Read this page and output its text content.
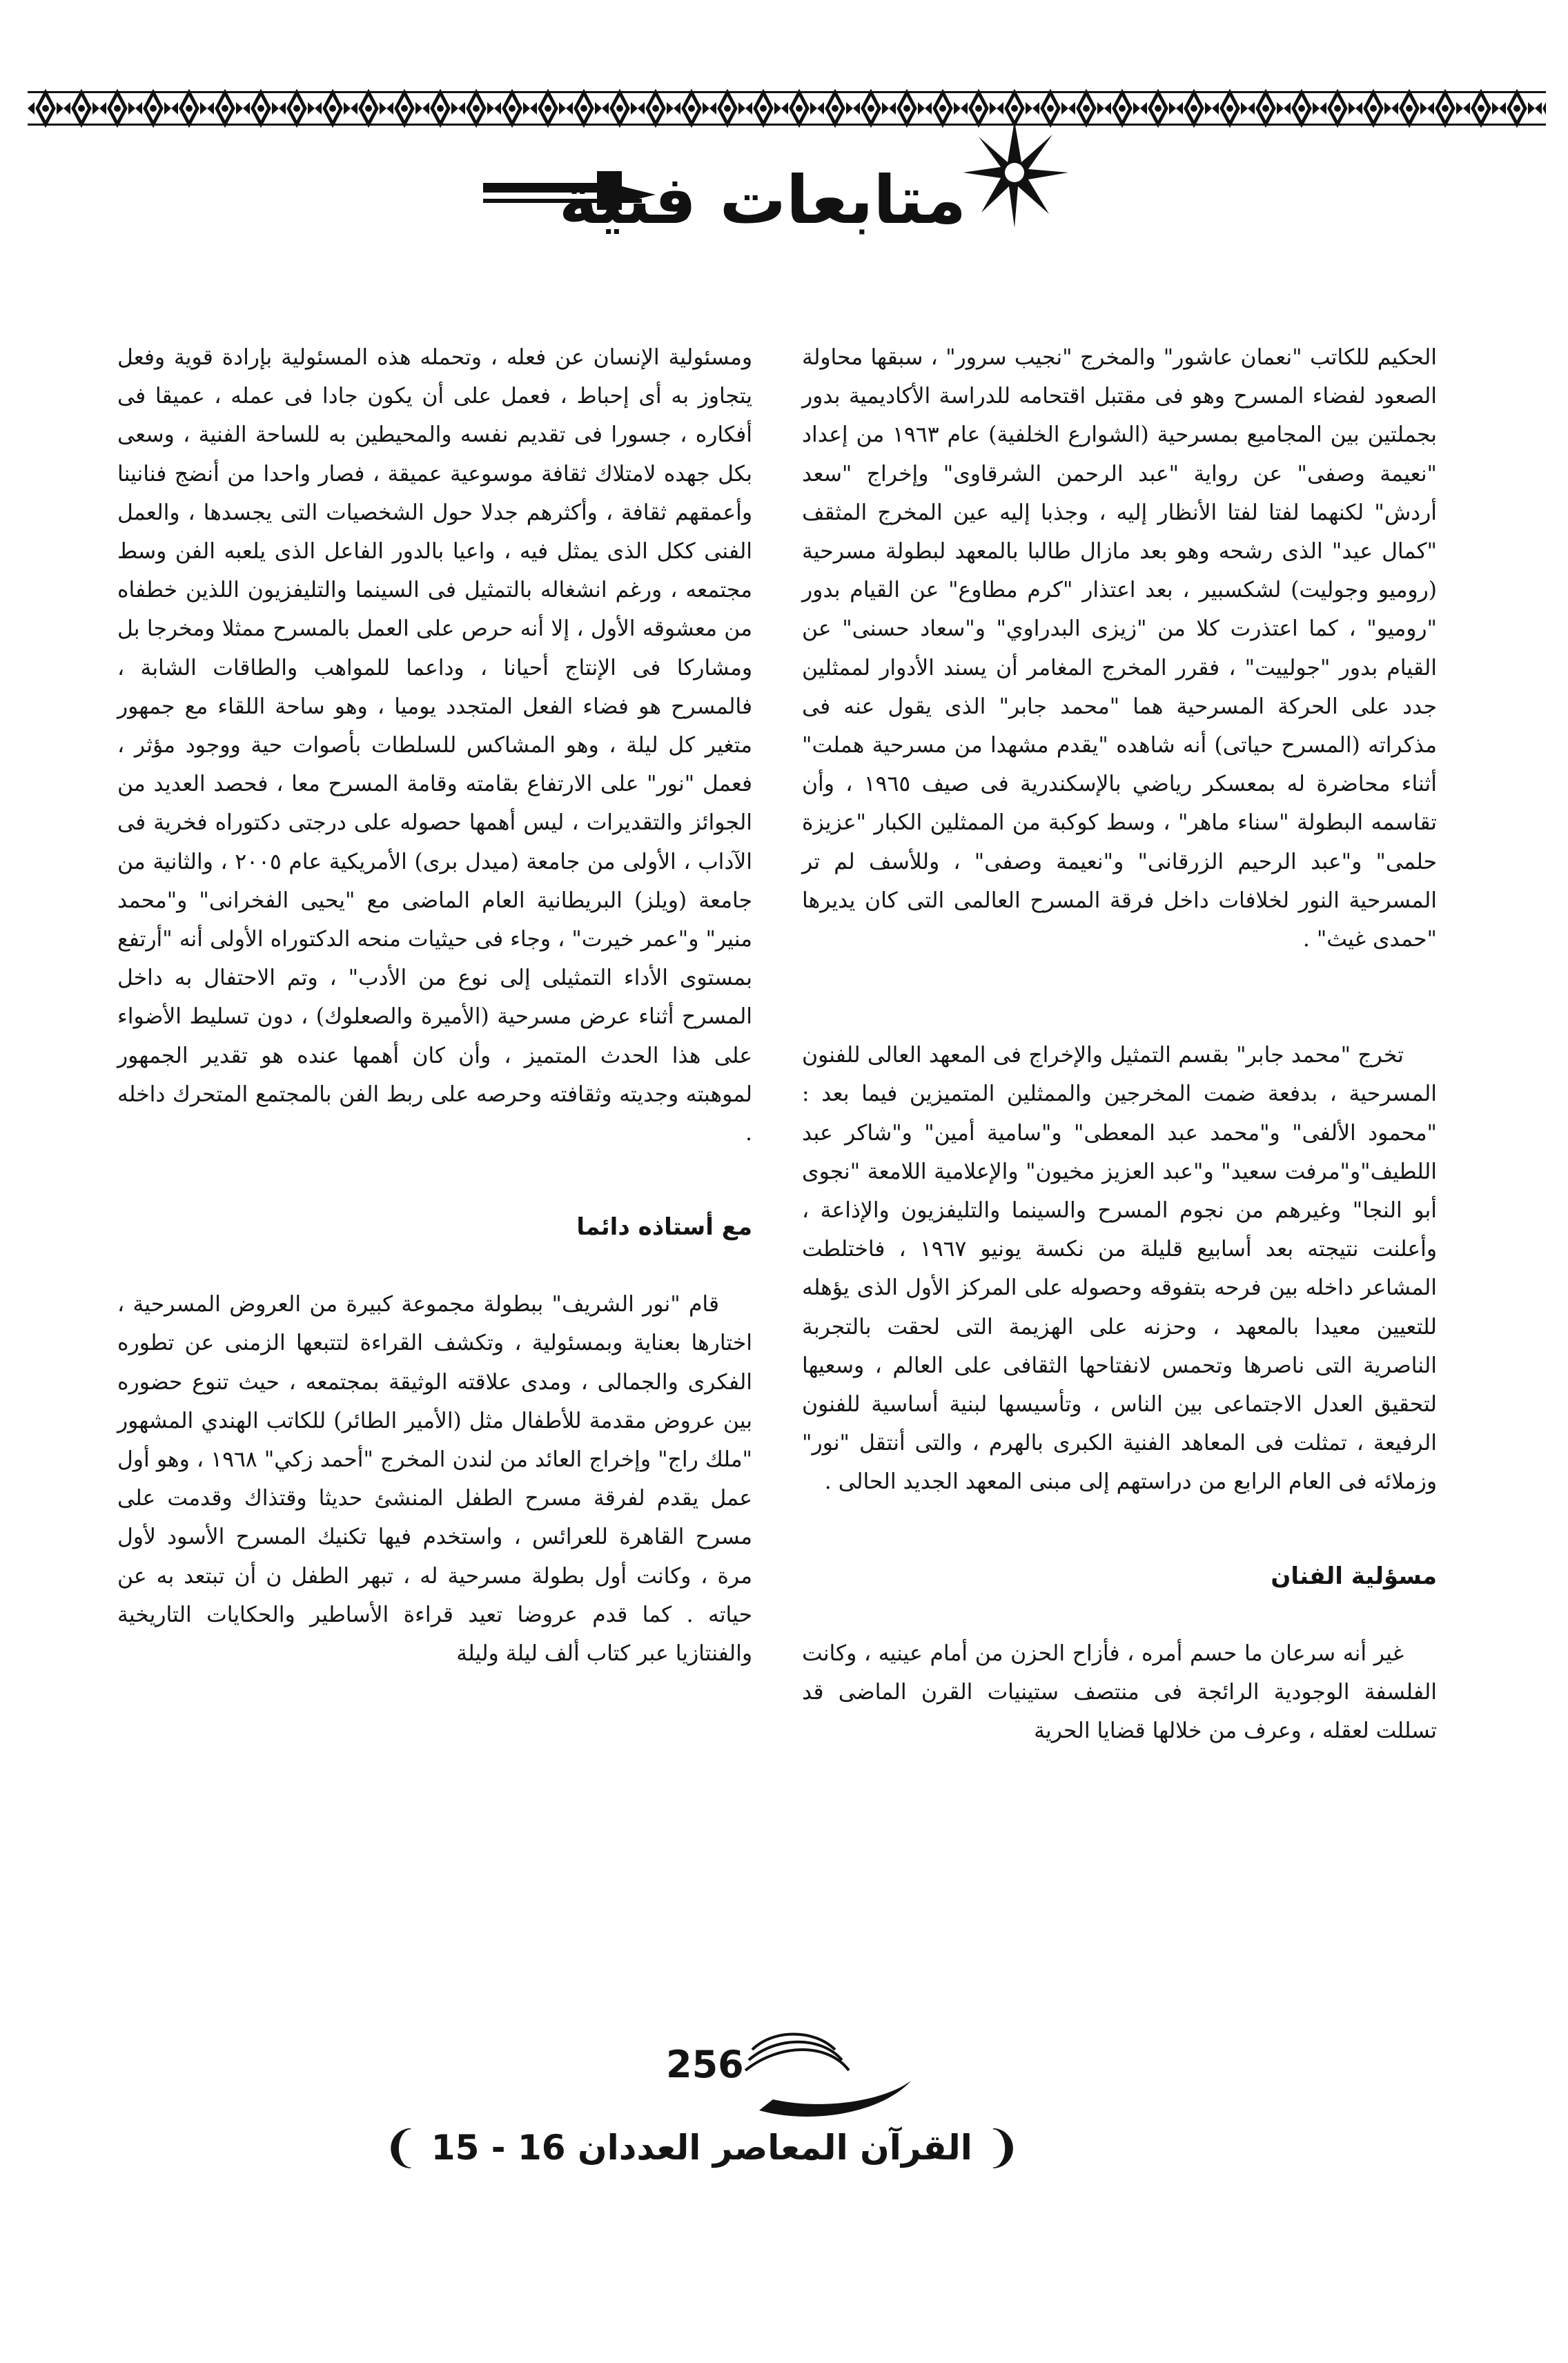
متابعات فنية

الحكيم للكاتب "نعمان عاشور" والمخرج "نجيب سرور" ، سبقها محاولة الصعود لفضاء المسرح وهو فى مقتبل اقتحامه للدراسة الأكاديمية بدور بجملتين بين المجاميع بمسرحية (الشوارع الخلفية) عام ١٩٦٣ من إعداد "نعيمة وصفى" عن رواية "عبد الرحمن الشرقاوى" وإخراج "سعد أردش" لكنهما لفتا لفتا الأنظار إليه ، وجذبا إليه عين المخرج المثقف "كمال عيد" الذى رشحه وهو بعد مازال طالبا بالمعهد لبطولة مسرحية (روميو وجوليت) لشكسبير ، بعد اعتذار "كرم مطاوع" عن القيام بدور "روميو" ، كما اعتذرت كلا من "زيزى البدراوي" و"سعاد حسنى" عن القيام بدور "جولييت" ، فقرر المخرج المغامر أن يسند الأدوار لممثلين جدد على الحركة المسرحية هما "محمد جابر" الذى يقول عنه فى مذكراته (المسرح حياتى) أنه شاهده "يقدم مشهدا من مسرحية هملت" أثناء محاضرة له بمعسكر رياضي بالإسكندرية فى صيف ١٩٦٥ ، وأن تقاسمه البطولة "سناء ماهر" ، وسط كوكبة من الممثلين الكبار "عزيزة حلمى" و"عبد الرحيم الزرقانى" و"نعيمة وصفى" ، وللأسف لم تر المسرحية النور لخلافات داخل فرقة المسرح العالمى التى كان يديرها "حمدى غيث" .

تخرج "محمد جابر" بقسم التمثيل والإخراج فى المعهد العالى للفنون المسرحية ، بدفعة ضمت المخرجين والممثلين المتميزين فيما بعد : "محمود الألفى" و"محمد عبد المعطى" و"سامية أمين" و"شاكر عبد اللطيف"و"مرفت سعيد" و"عبد العزيز مخيون" والإعلامية اللامعة "نجوى أبو النجا" وغيرهم من نجوم المسرح والسينما والتليفزيون والإذاعة ، وأعلنت نتيجته بعد أسابيع قليلة من نكسة يونيو ١٩٦٧ ، فاختلطت المشاعر داخله بين فرحه بتفوقه وحصوله على المركز الأول الذى يؤهله للتعيين معيدا بالمعهد ، وحزنه على الهزيمة التى لحقت بالتجربة الناصرية التى ناصرها وتحمس لانفتاحها الثقافى على العالم ، وسعيها لتحقيق العدل الاجتماعى بين الناس ، وتأسيسها لبنية أساسية للفنون الرفيعة ، تمثلت فى المعاهد الفنية الكبرى بالهرم ، والتى أنتقل "نور" وزملائه فى العام الرابع من دراستهم إلى مبنى المعهد الجديد الحالى .

مسؤلية الفنان

غير أنه سرعان ما حسم أمره ، فأزاح الحزن من أمام عينيه ، وكانت الفلسفة الوجودية الرائجة فى منتصف ستينيات القرن الماضى قد تسللت لعقله ، وعرف من خلالها قضايا الحرية

ومسئولية الإنسان عن فعله ، وتحمله هذه المسئولية بإرادة قوية وفعل يتجاوز به أى إحباط ، فعمل على أن يكون جادا فى عمله ، عميقا فى أفكاره ، جسورا فى تقديم نفسه والمحيطين به للساحة الفنية ، وسعى بكل جهده لامتلاك ثقافة موسوعية عميقة ، فصار واحدا من أنضج فنانينا وأعمقهم ثقافة ، وأكثرهم جدلا حول الشخصيات التى يجسدها ، والعمل الفنى ككل الذى يمثل فيه ، واعيا بالدور الفاعل الذى يلعبه الفن وسط مجتمعه ، ورغم انشغاله بالتمثيل فى السينما والتليفزيون اللذين خطفاه من معشوقه الأول ، إلا أنه حرص على العمل بالمسرح ممثلا ومخرجا بل ومشاركا فى الإنتاج أحيانا ، وداعما للمواهب والطاقات الشابة ، فالمسرح هو فضاء الفعل المتجدد يوميا ، وهو ساحة اللقاء مع جمهور متغير كل ليلة ، وهو المشاكس للسلطات بأصوات حية ووجود مؤثر ، فعمل "نور" على الارتفاع بقامته وقامة المسرح معا ، فحصد العديد من الجوائز والتقديرات ، ليس أهمها حصوله على درجتى دكتوراه فخرية فى الآداب ، الأولى من جامعة (ميدل برى) الأمريكية عام ٢٠٠٥ ، والثانية من جامعة (ويلز) البريطانية العام الماضى مع "يحيى الفخرانى" و"محمد منير" و"عمر خيرت" ، وجاء فى حيثيات منحه الدكتوراه الأولى أنه "أرتفع بمستوى الأداء التمثيلى إلى نوع من الأدب" ، وتم الاحتفال به داخل المسرح أثناء عرض مسرحية (الأميرة والصعلوك) ، دون تسليط الأضواء على هذا الحدث المتميز ، وأن كان أهمها عنده هو تقدير الجمهور لموهبته وجديته وثقافته وحرصه على ربط الفن بالمجتمع المتحرك داخله .

مع أستاذه دائما

قام "نور الشريف" ببطولة مجموعة كبيرة من العروض المسرحية ، اختارها بعناية وبمسئولية ، وتكشف القراءة لتتبعها الزمنى عن تطوره الفكرى والجمالى ، ومدى علاقته الوثيقة بمجتمعه ، حيث تنوع حضوره بين عروض مقدمة للأطفال مثل (الأمير الطائر) للكاتب الهندي المشهور "ملك راج" وإخراج العائد من لندن المخرج "أحمد زكي" ١٩٦٨ ، وهو أول عمل يقدم لفرقة مسرح الطفل المنشئ حديثا وقتذاك وقدمت على مسرح القاهرة للعرائس ، واستخدم فيها تكنيك المسرح الأسود لأول مرة ، وكانت أول بطولة مسرحية له ، تبهر الطفل ن أن تبتعد به عن حياته . كما قدم عروضا تعيد قراءة الأساطير والحكايات التاريخية والفنتازيا عبر كتاب ألف ليلة وليلة

256
❨ القرآن المعاصر العددان 15 - 16 ❩
